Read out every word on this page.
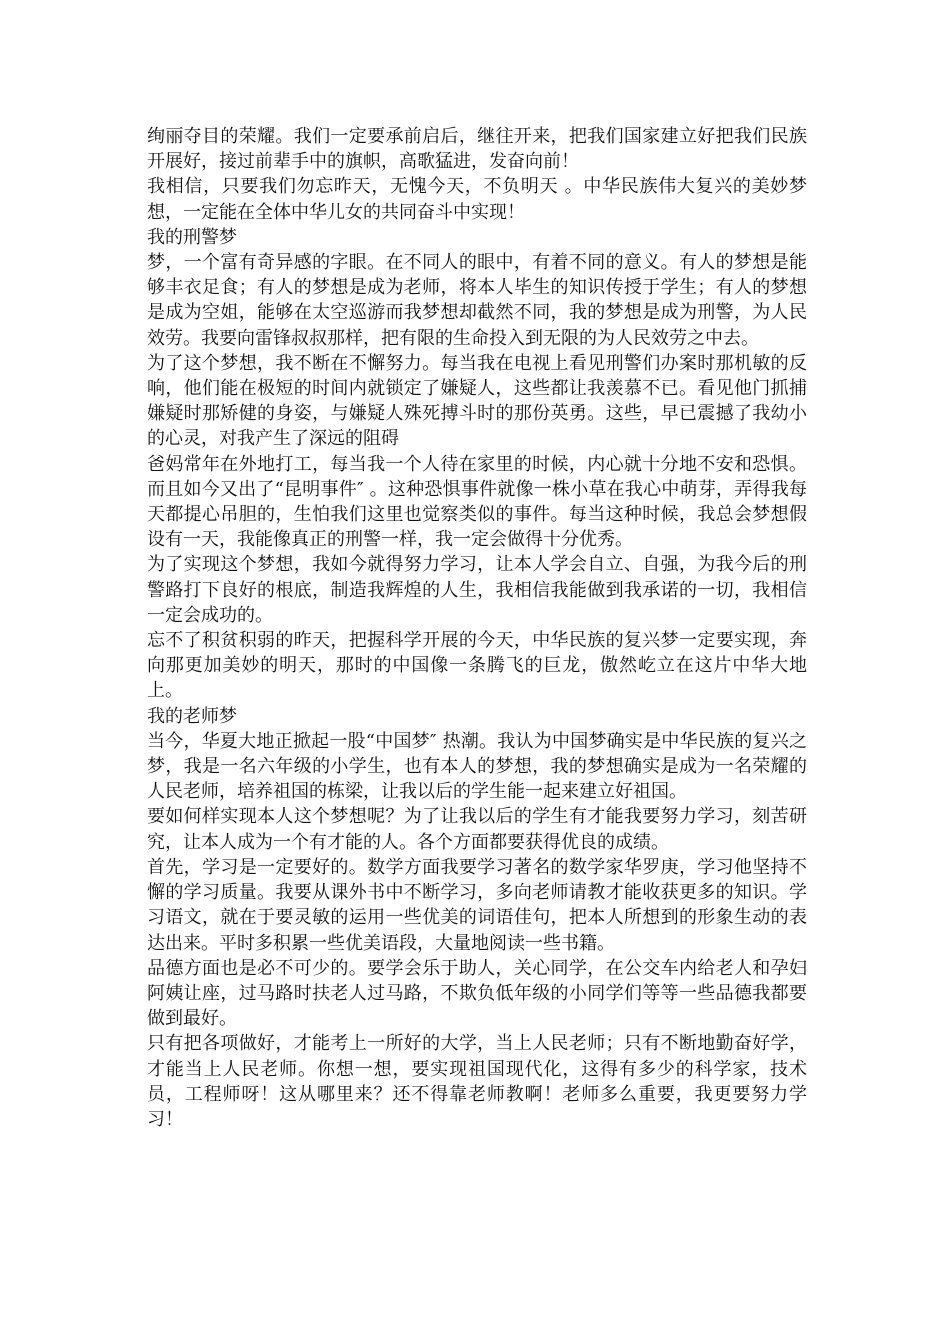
绚丽夺目的荣耀。我们一定要承前启后，继往开来，把我们国家建立好把我们民族开展好，接过前辈手中的旗帜，高歌猛进，发奋向前！

我相信，只要我们勿忘昨天，无愧今天，不负明天 。中华民族伟大复兴的美妙梦想，一定能在全体中华儿女的共同奋斗中实现！

我的刑警梦

梦，一个富有奇异感的字眼。在不同人的眼中，有着不同的意义。有人的梦想是能够丰衣足食；有人的梦想是成为老师，将本人毕生的知识传授于学生；有人的梦想是成为空姐，能够在太空巡游而我梦想却截然不同，我的梦想是成为刑警，为人民效劳。我要向雷锋叔叔那样，把有限的生命投入到无限的为人民效劳之中去。

为了这个梦想，我不断在不懈努力。每当我在电视上看见刑警们办案时那机敏的反响，他们能在极短的时间内就锁定了嫌疑人，这些都让我羡慕不已。看见他门抓捕嫌疑时那矫健的身姿，与嫌疑人殊死搏斗时的那份英勇。这些，早已震撼了我幼小的心灵，对我产生了深远的阻碍

爸妈常年在外地打工，每当我一个人待在家里的时候，内心就十分地不安和恐惧。而且如今又出了“昆明事件″ 。这种恐惧事件就像一株小草在我心中萌芽，弄得我每天都提心吊胆的，生怕我们这里也觉察类似的事件。每当这种时候，我总会梦想假设有一天，我能像真正的刑警一样，我一定会做得十分优秀。

为了实现这个梦想，我如今就得努力学习，让本人学会自立、自强，为我今后的刑警路打下良好的根底，制造我辉煌的人生，我相信我能做到我承诺的一切，我相信一定会成功的。

忘不了积贫积弱的昨天，把握科学开展的今天，中华民族的复兴梦一定要实现，奔向那更加美妙的明天，那时的中国像一条腾飞的巨龙，傲然屹立在这片中华大地上。

我的老师梦

当今，华夏大地正掀起一股“中国梦″ 热潮。我认为中国梦确实是中华民族的复兴之梦，我是一名六年级的小学生，也有本人的梦想，我的梦想确实是成为一名荣耀的人民老师，培养祖国的栋梁，让我以后的学生能一起来建立好祖国。

要如何样实现本人这个梦想呢？为了让我以后的学生有才能我要努力学习，刻苦研究，让本人成为一个有才能的人。各个方面都要获得优良的成绩。

首先，学习是一定要好的。数学方面我要学习著名的数学家华罗庚，学习他坚持不懈的学习质量。我要从课外书中不断学习，多向老师请教才能收获更多的知识。学习语文，就在于要灵敏的运用一些优美的词语佳句，把本人所想到的形象生动的表达出来。平时多积累一些优美语段，大量地阅读一些书籍。

品德方面也是必不可少的。要学会乐于助人，关心同学，在公交车内给老人和孕妇阿姨让座，过马路时扶老人过马路，不欺负低年级的小同学们等等一些品德我都要做到最好。

只有把各项做好，才能考上一所好的大学，当上人民老师；只有不断地勤奋好学，才能当上人民老师。你想一想，要实现祖国现代化，这得有多少的科学家，技术员，工程师呀！这从哪里来？还不得靠老师教啊！老师多么重要，我更要努力学习！
